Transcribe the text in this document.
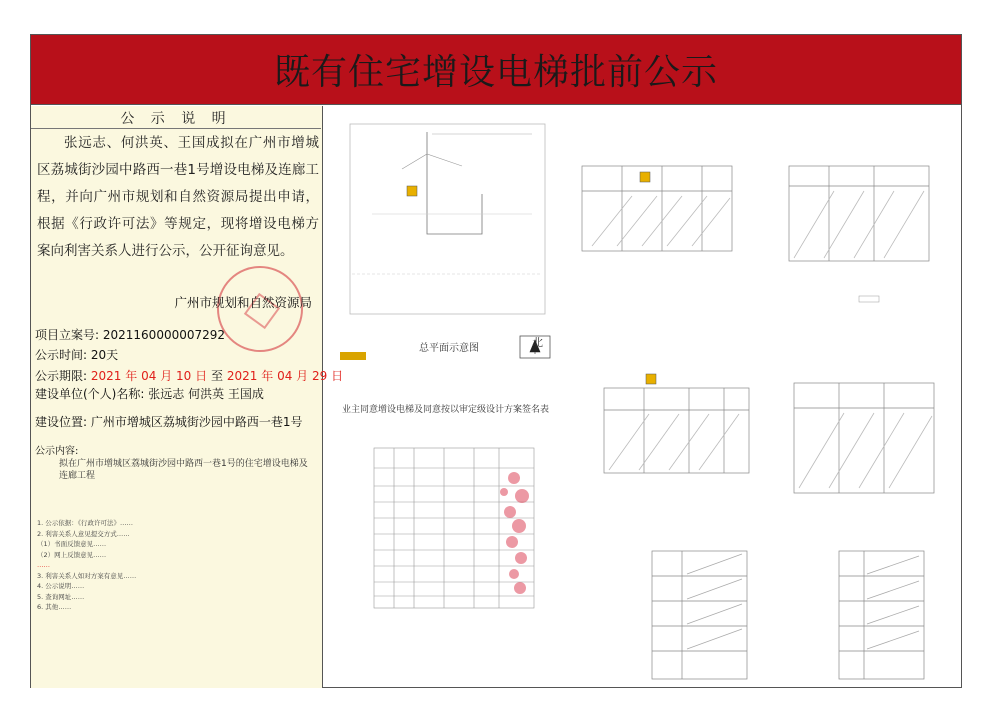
既有住宅增设电梯批前公示
公 示 说 明
张远志、何洪英、王国成拟在广州市增城区荔城街沙园中路西一巷1号增设电梯及连廊工程，并向广州市规划和自然资源局提出申请，根据《行政许可法》等规定，现将增设电梯方案向利害关系人进行公示，公开征询意见。
广州市规划和自然资源局
项目立案号: 2021160000007292
公示时间: 20天
公示期限: 2021 年 04 月 10 日 至 2021 年 04 月 29 日
建设单位(个人)名称: 张远志 何洪英 王国成
建设位置: 广州市增城区荔城街沙园中路西一巷1号
公示内容:
拟在广州市增城区荔城街沙园中路西一巷1号的住宅增设电梯及连廊工程

1. 公示依据：《行政许可法》……

2. 利害关系人意见提交方式……

（1）书面反馈意见……

（2）网上反馈意见……

……

3. 利害关系人如对方案有意见……

4. 公示说明……

5. 查询网址……

6. 其他……

总平面示意图	北
业主同意增设电梯及同意按以审定级设计方案签名表
